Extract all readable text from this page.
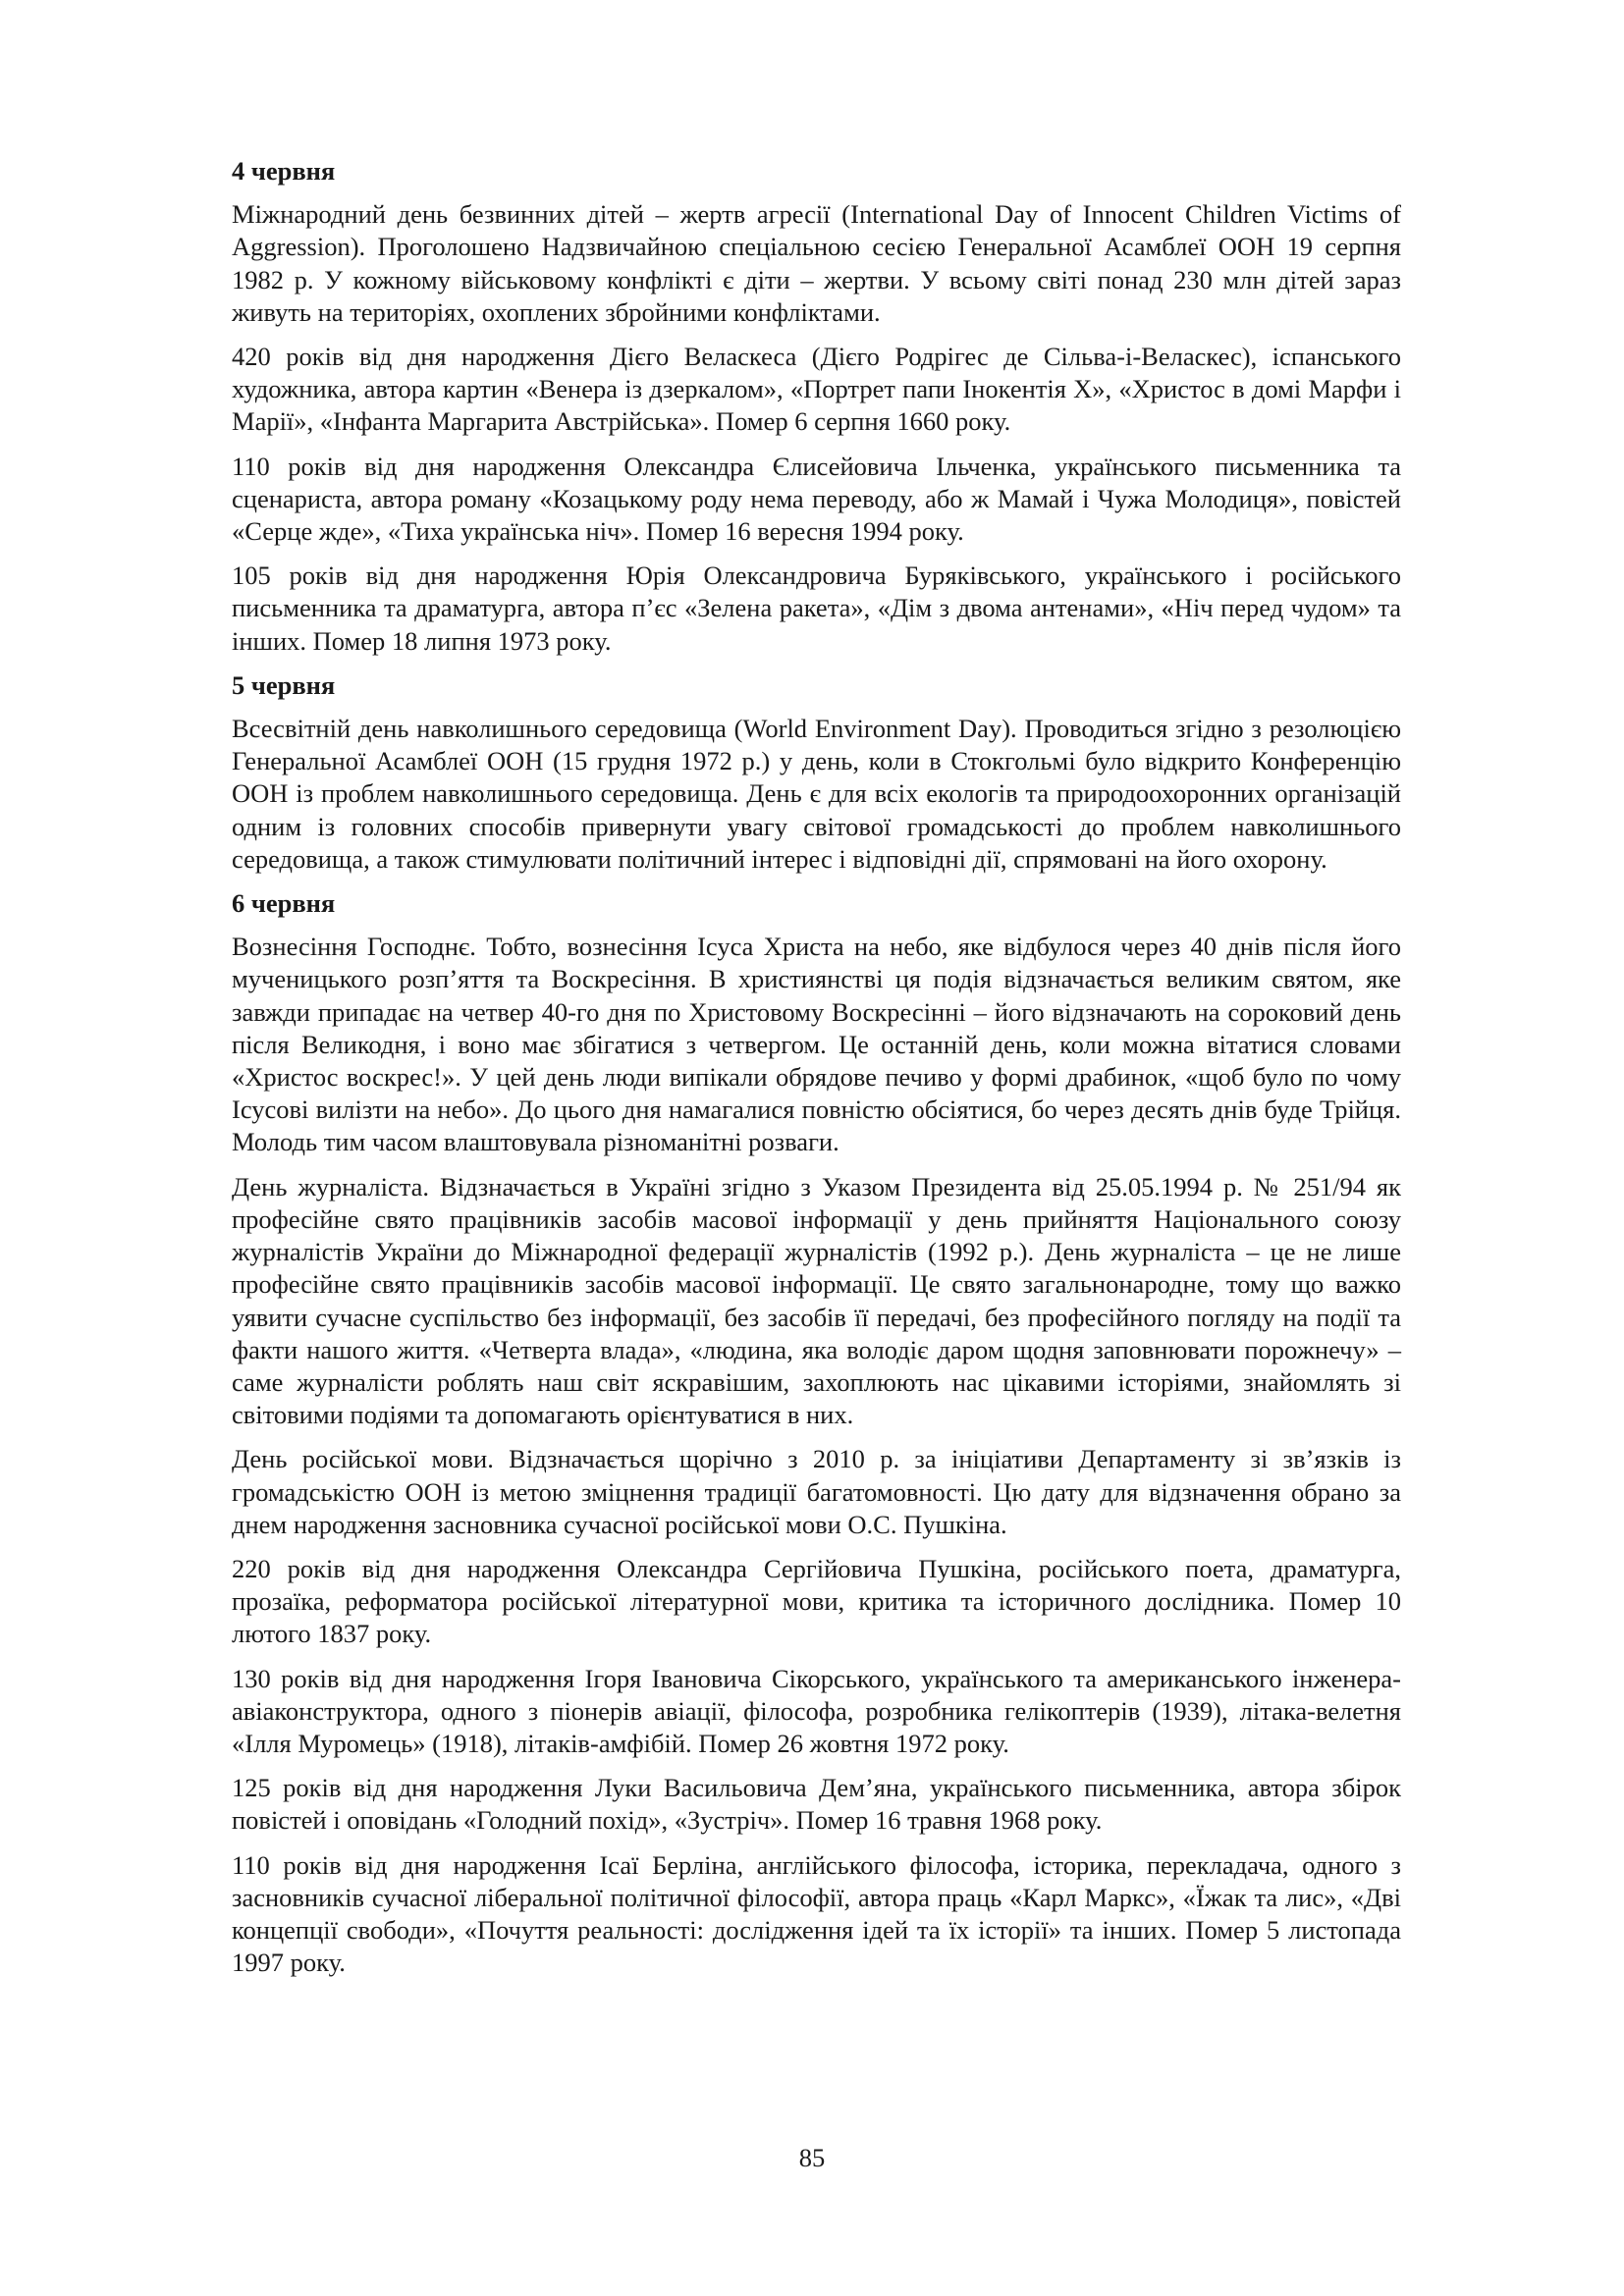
4 червня

Міжнародний день безвинних дітей – жертв агресії (International Day of Innocent Children Victims of Aggression). Проголошено Надзвичайною спеціальною сесією Генеральної Асамблеї ООН 19 серпня 1982 р. У кожному військовому конфлікті є діти – жертви. У всьому світі понад 230 млн дітей зараз живуть на територіях, охоплених збройними конфліктами.

420 років від дня народження Дієго Веласкеса (Дієго Родрігес де Сільва-і-Веласкес), іспанського художника, автора картин «Венера із дзеркалом», «Портрет папи Інокентія X», «Христос в домі Марфи і Марії», «Інфанта Маргарита Австрійська». Помер 6 серпня 1660 року.

110 років від дня народження Олександра Єлисейовича Ільченка, українського письменника та сценариста, автора роману «Козацькому роду нема переводу, або ж Мамай і Чужа Молодиця», повістей «Серце жде», «Тиха українська ніч». Помер 16 вересня 1994 року.

105 років від дня народження Юрія Олександровича Буряківського, українського і російського письменника та драматурга, автора п’єс «Зелена ракета», «Дім з двома антенами», «Ніч перед чудом» та інших. Помер 18 липня 1973 року.

5 червня

Всесвітній день навколишнього середовища (World Environment Day). Проводиться згідно з резолюцією Генеральної Асамблеї ООН (15 грудня 1972 р.) у день, коли в Стокгольмі було відкрито Конференцію ООН із проблем навколишнього середовища. День є для всіх екологів та природоохоронних організацій одним із головних способів привернути увагу світової громадськості до проблем навколишнього середовища, а також стимулювати політичний інтерес і відповідні дії, спрямовані на його охорону.

6 червня

Вознесіння Господнє. Тобто, вознесіння Ісуса Христа на небо, яке відбулося через 40 днів після його мученицького розп’яття та Воскресіння. В християнстві ця подія відзначається великим святом, яке завжди припадає на четвер 40-го дня по Христовому Воскресінні – його відзначають на сороковий день після Великодня, і воно має збігатися з четвергом. Це останній день, коли можна вітатися словами «Христос воскрес!». У цей день люди випікали обрядове печиво у формі драбинок, «щоб було по чому Ісусові вилізти на небо». До цього дня намагалися повністю обсіятися, бо через десять днів буде Трійця. Молодь тим часом влаштовувала різноманітні розваги.

День журналіста. Відзначається в Україні згідно з Указом Президента від 25.05.1994 р. № 251/94 як професійне свято працівників засобів масової інформації у день прийняття Національного союзу журналістів України до Міжнародної федерації журналістів (1992 р.). День журналіста – це не лише професійне свято працівників засобів масової інформації. Це свято загальнонародне, тому що важко уявити сучасне суспільство без інформації, без засобів її передачі, без професійного погляду на події та факти нашого життя. «Четверта влада», «людина, яка володіє даром щодня заповнювати порожнечу» – саме журналісти роблять наш світ яскравішим, захоплюють нас цікавими історіями, знайомлять зі світовими подіями та допомагають орієнтуватися в них.

День російської мови. Відзначається щорічно з 2010 р. за ініціативи Департаменту зі зв’язків із громадськістю ООН із метою зміцнення традиції багатомовності. Цю дату для відзначення обрано за днем народження засновника сучасної російської мови О.С. Пушкіна.

220 років від дня народження Олександра Сергійовича Пушкіна, російського поета, драматурга, прозаїка, реформатора російської літературної мови, критика та історичного дослідника. Помер 10 лютого 1837 року.

130 років від дня народження Ігоря Івановича Сікорського, українського та американського інженера-авіаконструктора, одного з піонерів авіації, філософа, розробника гелікоптерів (1939), літака-велетня «Ілля Муромець» (1918), літаків-амфібій. Помер 26 жовтня 1972 року.

125 років від дня народження Луки Васильовича Дем’яна, українського письменника, автора збірок повістей і оповідань «Голодний похід», «Зустріч». Помер 16 травня 1968 року.

110 років від дня народження Ісаї Берліна, англійського філософа, історика, перекладача, одного з засновників сучасної ліберальної політичної філософії, автора праць «Карл Маркс», «Їжак та лис», «Дві концепції свободи», «Почуття реальності: дослідження ідей та їх історії» та інших. Помер 5 листопада 1997 року.

85
